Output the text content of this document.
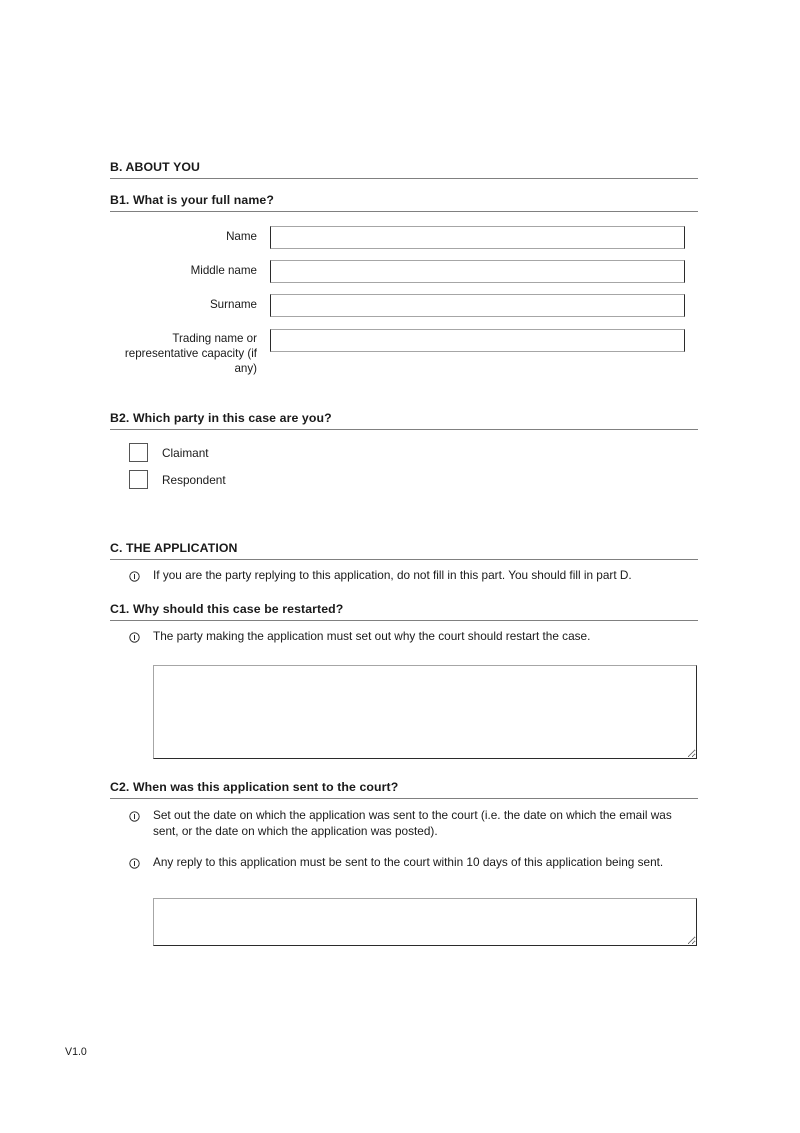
B. ABOUT YOU
B1. What is your full name?
Name
Middle name
Surname
Trading name or representative capacity (if any)
B2. Which party in this case are you?
Claimant
Respondent
C. THE APPLICATION
If you are the party replying to this application, do not fill in this part. You should fill in part D.
C1. Why should this case be restarted?
The party making the application must set out why the court should restart the case.
C2. When was this application sent to the court?
Set out the date on which the application was sent to the court (i.e. the date on which the email was sent, or the date on which the application was posted).
Any reply to this application must be sent to the court within 10 days of this application being sent.
V1.0
